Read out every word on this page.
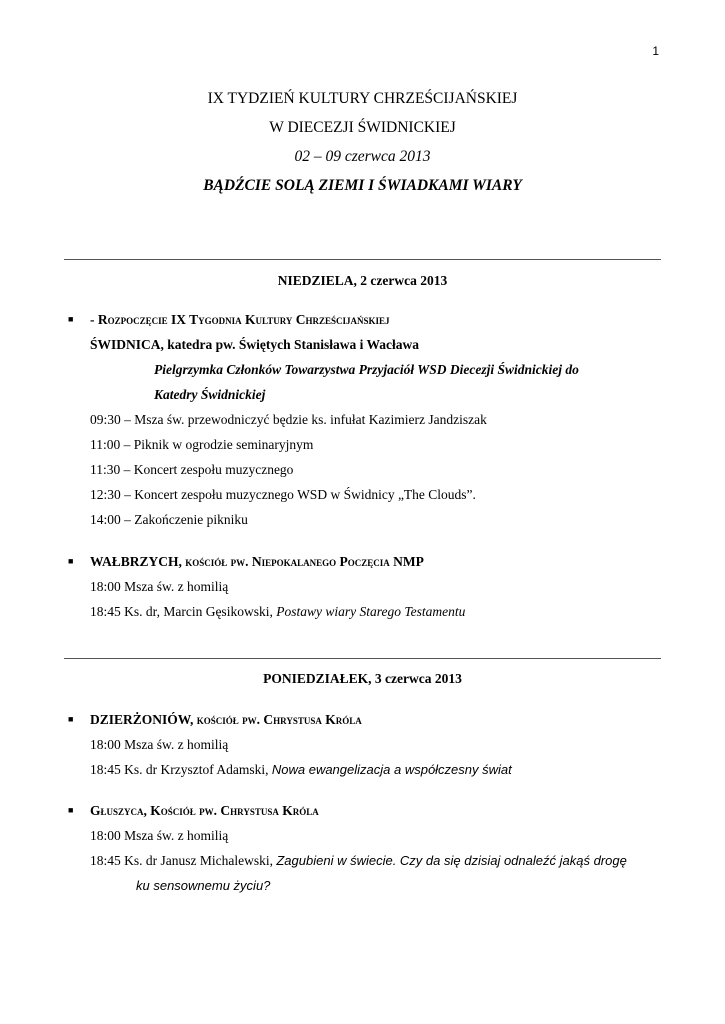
1
IX TYDZIEŃ KULTURY CHRZEŚCIJAŃSKIEJ
W DIECEZJI ŚWIDNICKIEJ
02 – 09 czerwca 2013
BĄDŹCIE SOLĄ ZIEMI I ŚWIADKAMI WIARY
NIEDZIELA, 2 czerwca 2013
■ - Rozpoczęcie IX Tygodnia Kultury Chrześcijańskiej
ŚWIDNICA, katedra pw. Świętych Stanisława i Wacława
Pielgrzymka Członków Towarzystwa Przyjaciół WSD Diecezji Świdnickiej do
Katedry Świdnickiej
09:30 – Msza św. przewodniczyć będzie ks. infułat Kazimierz Jandziszak
11:00 – Piknik w ogrodzie seminaryjnym
11:30 – Koncert zespołu muzycznego
12:30 – Koncert zespołu muzycznego WSD w Świdnicy „The Clouds”.
14:00 – Zakończenie pikniku
■ WAŁBRZYCH, kościół pw. Niepokalanego Poczęcia NMP
18:00 Msza św. z homilią
18:45 Ks. dr, Marcin Gęsikowski, Postawy wiary Starego Testamentu
PONIEDZIAŁEK, 3 czerwca 2013
■ DZIERŻONIÓW, kościół pw. Chrystusa Króla
18:00 Msza św. z homilią
18:45 Ks. dr Krzysztof Adamski, Nowa ewangelizacja a współczesny świat
■ Głuszyca, Kościół pw. Chrystusa Króla
18:00 Msza św. z homilią
18:45 Ks. dr Janusz Michalewski, Zagubieni w świecie. Czy da się dzisiaj odnaleźć jakąś drogę
ku sensownemu życiu?
